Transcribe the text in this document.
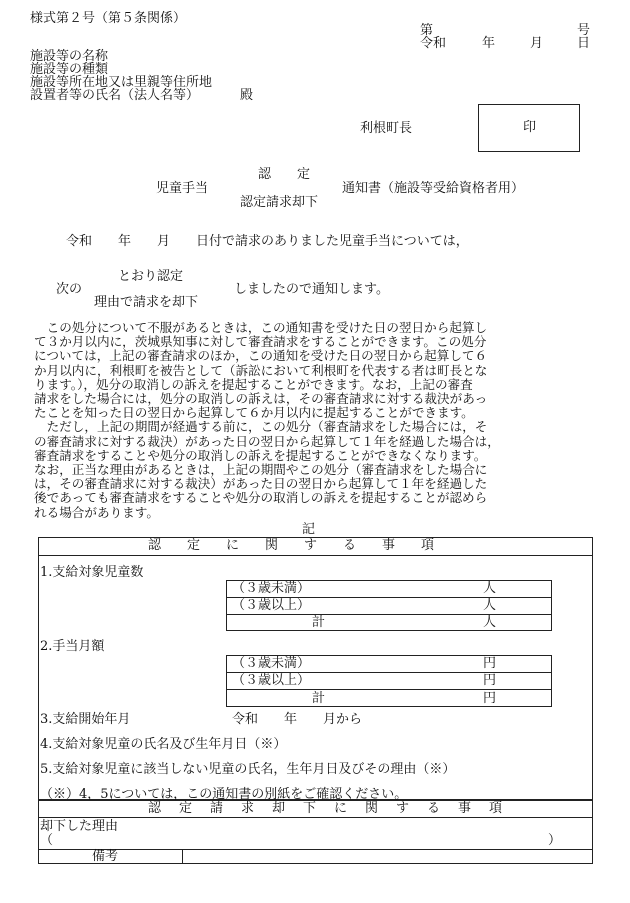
様式第２号（第５条関係）
第	号
令和	年	月	日
施設等の名称
施設等の種類
施設等所在地又は里親等住所地
設置者等の氏名（法人名等）	殿
利根町長	印
認　　定
児童手当	通知書（施設等受給資格者用）
認定請求却下
令和　　年　　月　　日付で請求のありました児童手当については，
とおり認定
次の	しましたので通知します。
理由で請求を却下
　この処分について不服があるときは，この通知書を受けた日の翌日から起算し
て３か月以内に，茨城県知事に対して審査請求をすることができます。この処分
については，上記の審査請求のほか，この通知を受けた日の翌日から起算して６
か月以内に，利根町を被告として（訴訟において利根町を代表する者は町長とな
ります。），処分の取消しの訴えを提起することができます。なお，上記の審査
請求をした場合には，処分の取消しの訴えは，その審査請求に対する裁決があっ
たことを知った日の翌日から起算して６か月以内に提起することができます。
　ただし，上記の期間が経過する前に，この処分（審査請求をした場合には，そ
の審査請求に対する裁決）があった日の翌日から起算して１年を経過した場合は，
審査請求をすることや処分の取消しの訴えを提起することができなくなります。
なお，正当な理由があるときは，上記の期間やこの処分（審査請求をした場合に
は，その審査請求に対する裁決）があった日の翌日から起算して１年を経過した
後であっても審査請求をすることや処分の取消しの訴えを提起することが認めら
れる場合があります。
記
認定に関する事項
1.支給対象児童数
（３歳未満）	人
（３歳以上）	人
計	人
2.手当月額
（３歳未満）	円
（３歳以上）	円
計	円
3.支給開始年月	令和　　年　　月から
4.支給対象児童の氏名及び生年月日（※）
5.支給対象児童に該当しない児童の氏名，生年月日及びその理由（※）
（※）4，5については，この通知書の別紙をご確認ください。
認定請求却下に関する事項
却下した理由
（	）
備考
